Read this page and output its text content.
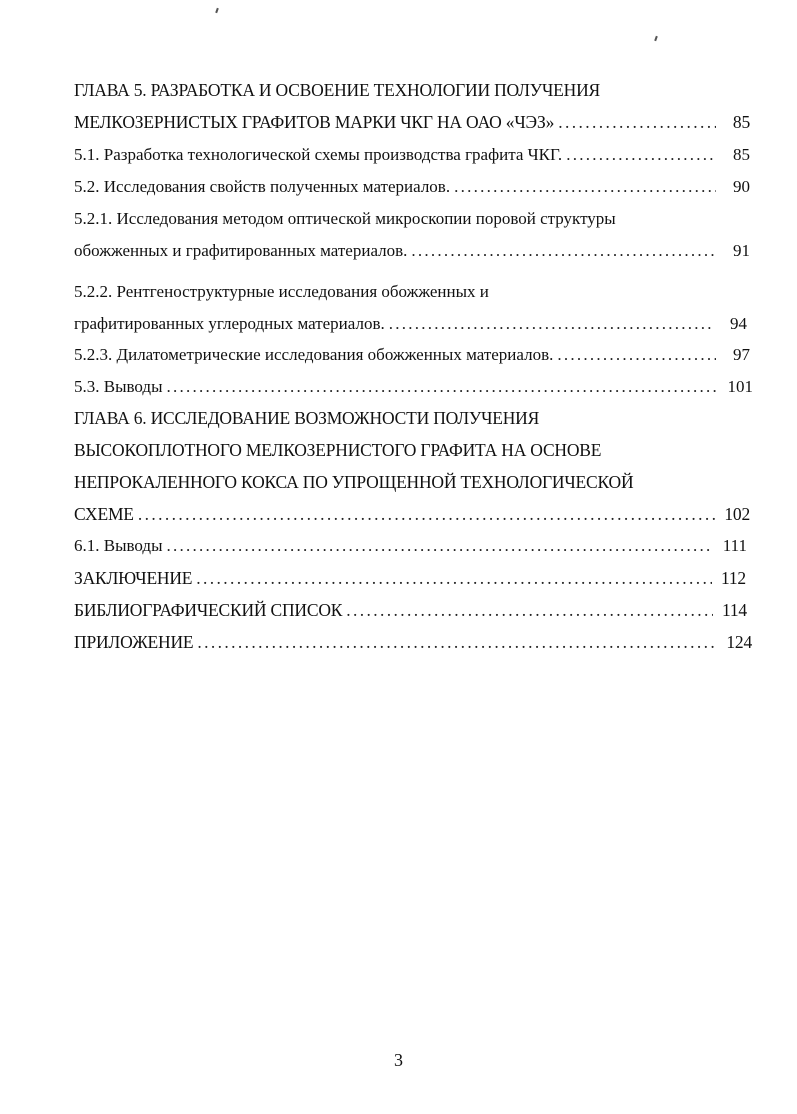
ГЛАВА 5. РАЗРАБОТКА И ОСВОЕНИЕ ТЕХНОЛОГИИ ПОЛУЧЕНИЯ
МЕЛКОЗЕРНИСТЫХ ГРАФИТОВ МАРКИ ЧКГ НА ОАО «ЧЭЗ» . . .	85
5.1. Разработка технологической схемы производства графита ЧКГ. . . .	85
5.2. Исследования свойств полученных материалов. . . .	90
5.2.1. Исследования методом оптической микроскопии поровой структуры
обожженных и графитированных материалов. . . .	91
5.2.2. Рентгеноструктурные исследования обожженных и
графитированных углеродных материалов. . . .	94
5.2.3. Дилатометрические исследования обожженных материалов. . . .	97
5.3. Выводы . . .	101
ГЛАВА 6. ИССЛЕДОВАНИЕ ВОЗМОЖНОСТИ ПОЛУЧЕНИЯ
ВЫСОКОПЛОТНОГО МЕЛКОЗЕРНИСТОГО ГРАФИТА НА ОСНОВЕ
НЕПРОКАЛЕННОГО КОКСА ПО УПРОЩЕННОЙ ТЕХНОЛОГИЧЕСКОЙ
СХЕМЕ . . .	102
6.1. Выводы . . .	111
ЗАКЛЮЧЕНИЕ . . .	112
БИБЛИОГРАФИЧЕСКИЙ СПИСОК . . .	114
ПРИЛОЖЕНИЕ . . .	124
3
